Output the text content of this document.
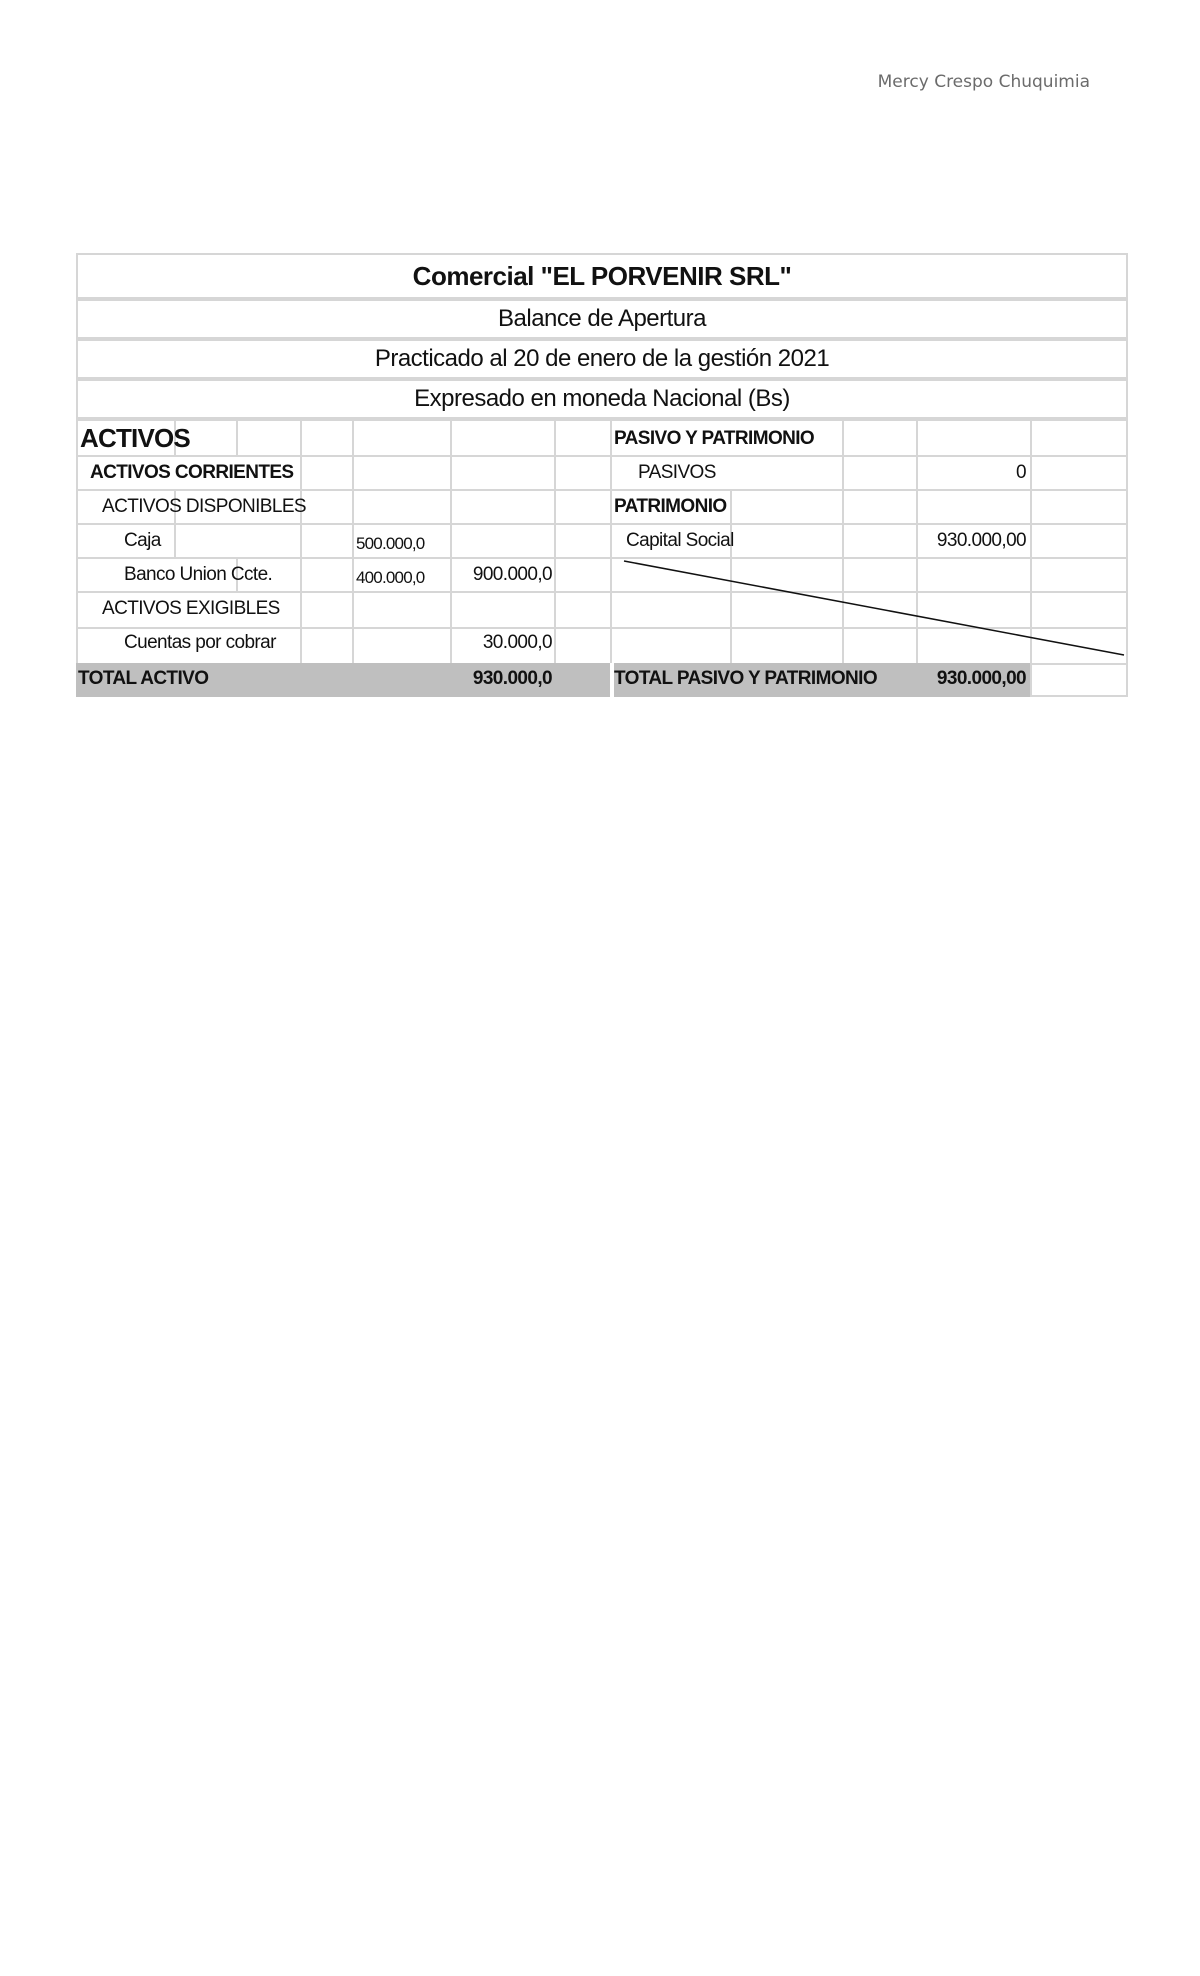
Mercy Crespo Chuquimia
Comercial "EL PORVENIR SRL"
Balance de Apertura
Practicado al 20 de enero de la gestión 2021
Expresado en moneda Nacional (Bs)
ACTIVOS
ACTIVOS CORRIENTES
ACTIVOS DISPONIBLES
Caja	500.000,0
Banco Union Ccte.	400.000,0	900.000,0
ACTIVOS EXIGIBLES
Cuentas por cobrar	30.000,0
TOTAL ACTIVO	930.000,0
PASIVO Y PATRIMONIO
PASIVOS	0
PATRIMONIO
Capital Social	930.000,00
TOTAL PASIVO Y PATRIMONIO	930.000,00
